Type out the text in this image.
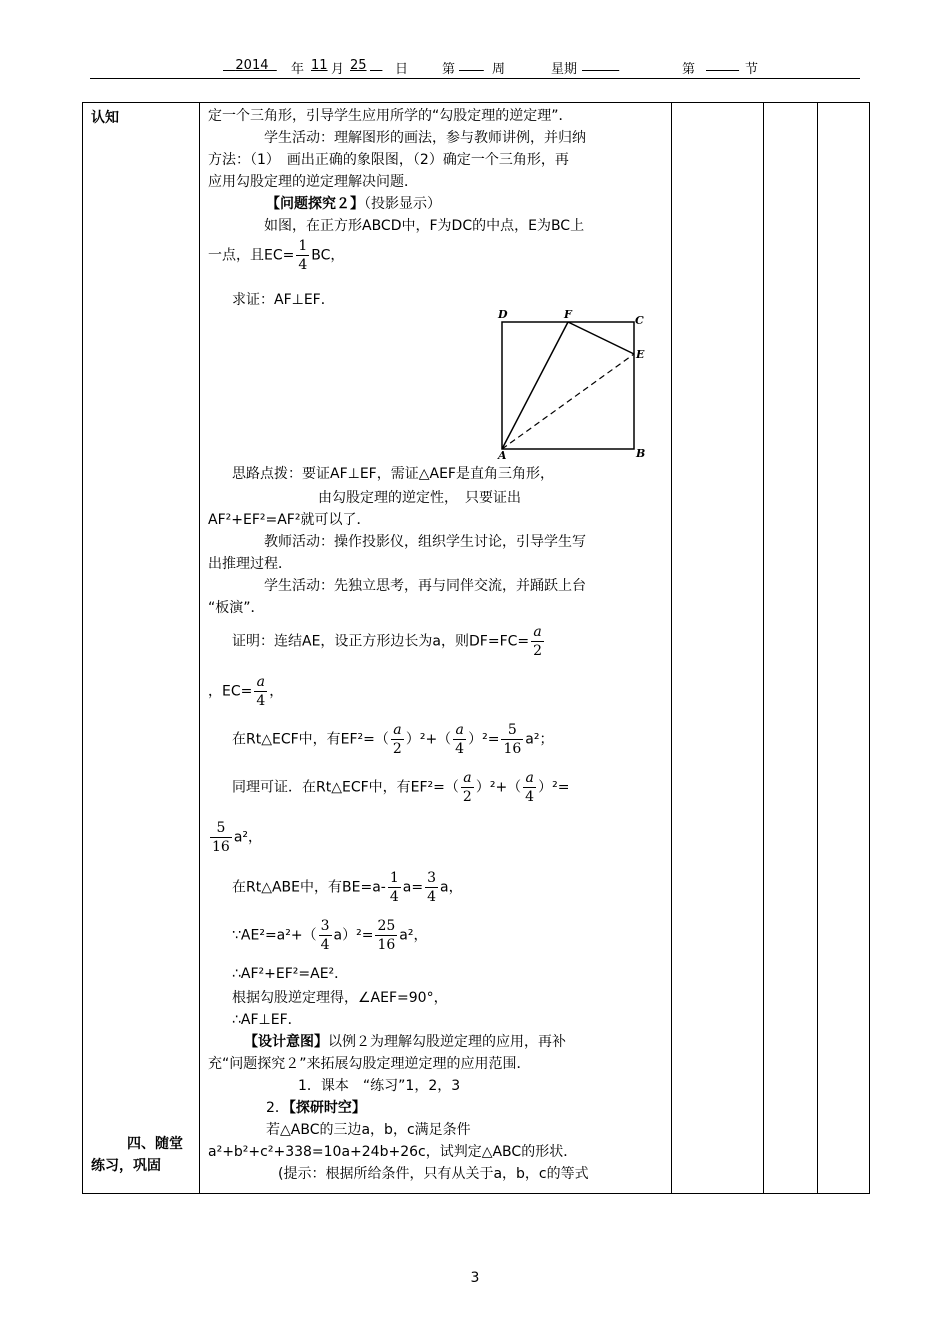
2014	年 11 月 25
日	第
	周	星期
	第
	节
认知
四、随堂
练习，巩固

定一个三角形，引导学生应用所学的“勾股定理的逆定理”．
学生活动：理解图形的画法，参与教师讲例，并归纳
方法：（1）　画出正确的象限图，（2）确定一个三角形，再
应用勾股定理的逆定理解决问题．
【问题探究２】（投影显示）
如图，在正方形ABCD中，F为DC的中点，E为BC上
一点，且$EC= \frac{1}{4}$ BC，
求证：AF⊥EF．
D	F	C
E
A	B
思路点拨：要证AF⊥EF，需证△AEF是直角三角形，
由勾股定理的逆定性，　只要证出
AF²+EF²=AF²就可以了．
教师活动：操作投影仪，组织学生讨论，引导学生写
出推理过程．
学生活动：先独立思考，再与同伴交流，并踊跃上台
“板演”．
证明：连结AE，设正方形边长为a，则$DF=FC= \frac{a}{2}$
，$EC= \frac{a}{4}$ ，
在Rt△ECF中，有$EF^2=( \frac{a}{2} )^2+( \frac{a}{4} )^2= \frac{5}{16} a^2$；
同理可证．在Rt△ECF中，有$EF^2=( \frac{a}{2} )^2+( \frac{a}{4} )^2=$
$\frac{5}{16} a^2$，
在Rt△ABE中，有$BE=a- \frac{1}{4} a= \frac{3}{4}$ a，
∵AE²=a²+（ $\frac{3}{4} a)^2= \frac{25}{16} a^2$，
∴AF²+EF²=AE²．
根据勾股逆定理得，∠AEF=90°，
∴AF⊥EF．
【设计意图】以例２为理解勾股逆定理的应用，再补
充“问题探究２”来拓展勾股定理逆定理的应用范围．
1．课本　“练习”1，2，3
2．【探研时空】
若△ABC的三边a，b，c满足条件
a²+b²+c²+338=10a+24b+26c，试判定△ABC的形状．
(提示：根据所给条件，只有从关于a，b，c的等式

3
